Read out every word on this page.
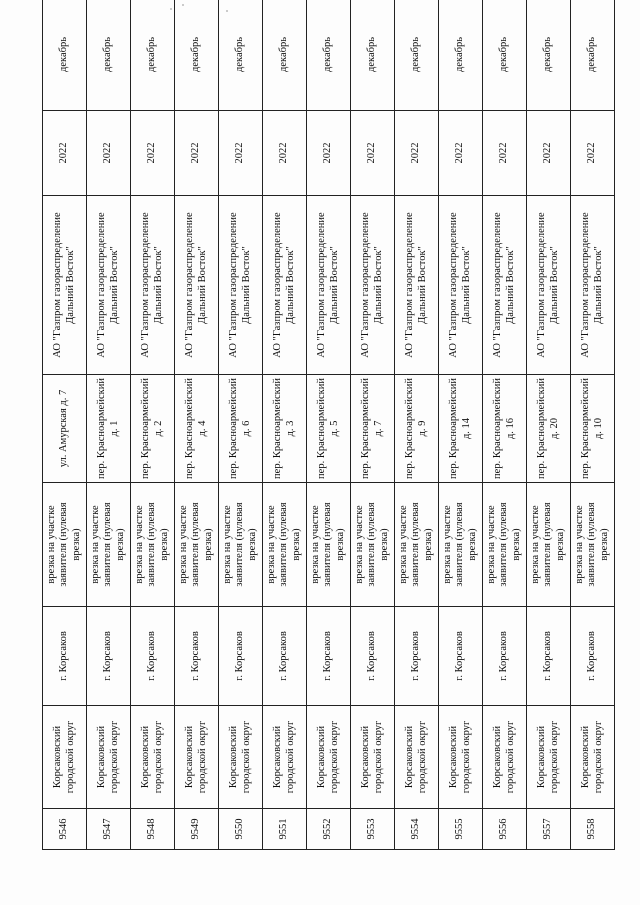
9546	Корсаковский городской округ	г. Корсаков	врезка на участке заявителя (нулевая врезка)	ул. Амурская д. 7	АО "Газпром газораспределение Дальний Восток"	2022	декабрь
9547	Корсаковский городской округ	г. Корсаков	врезка на участке заявителя (нулевая врезка)	пер. Красноармейский д. 1	АО "Газпром газораспределение Дальний Восток"	2022	декабрь
9548	Корсаковский городской округ	г. Корсаков	врезка на участке заявителя (нулевая врезка)	пер. Красноармейский д. 2	АО "Газпром газораспределение Дальний Восток"	2022	декабрь
9549	Корсаковский городской округ	г. Корсаков	врезка на участке заявителя (нулевая врезка)	пер. Красноармейский д. 4	АО "Газпром газораспределение Дальний Восток"	2022	декабрь
9550	Корсаковский городской округ	г. Корсаков	врезка на участке заявителя (нулевая врезка)	пер. Красноармейский д. 6	АО "Газпром газораспределение Дальний Восток"	2022	декабрь
9551	Корсаковский городской округ	г. Корсаков	врезка на участке заявителя (нулевая врезка)	пер. Красноармейский д. 3	АО "Газпром газораспределение Дальний Восток"	2022	декабрь
9552	Корсаковский городской округ	г. Корсаков	врезка на участке заявителя (нулевая врезка)	пер. Красноармейский д. 5	АО "Газпром газораспределение Дальний Восток"	2022	декабрь
9553	Корсаковский городской округ	г. Корсаков	врезка на участке заявителя (нулевая врезка)	пер. Красноармейский д. 7	АО "Газпром газораспределение Дальний Восток"	2022	декабрь
9554	Корсаковский городской округ	г. Корсаков	врезка на участке заявителя (нулевая врезка)	пер. Красноармейский д. 9	АО "Газпром газораспределение Дальний Восток"	2022	декабрь
9555	Корсаковский городской округ	г. Корсаков	врезка на участке заявителя (нулевая врезка)	пер. Красноармейский д. 14	АО "Газпром газораспределение Дальний Восток"	2022	декабрь
9556	Корсаковский городской округ	г. Корсаков	врезка на участке заявителя (нулевая врезка)	пер. Красноармейский д. 16	АО "Газпром газораспределение Дальний Восток"	2022	декабрь
9557	Корсаковский городской округ	г. Корсаков	врезка на участке заявителя (нулевая врезка)	пер. Красноармейский д. 20	АО "Газпром газораспределение Дальний Восток"	2022	декабрь
9558	Корсаковский городской округ	г. Корсаков	врезка на участке заявителя (нулевая врезка)	пер. Красноармейский д. 10	АО "Газпром газораспределение Дальний Восток"	2022	декабрь
